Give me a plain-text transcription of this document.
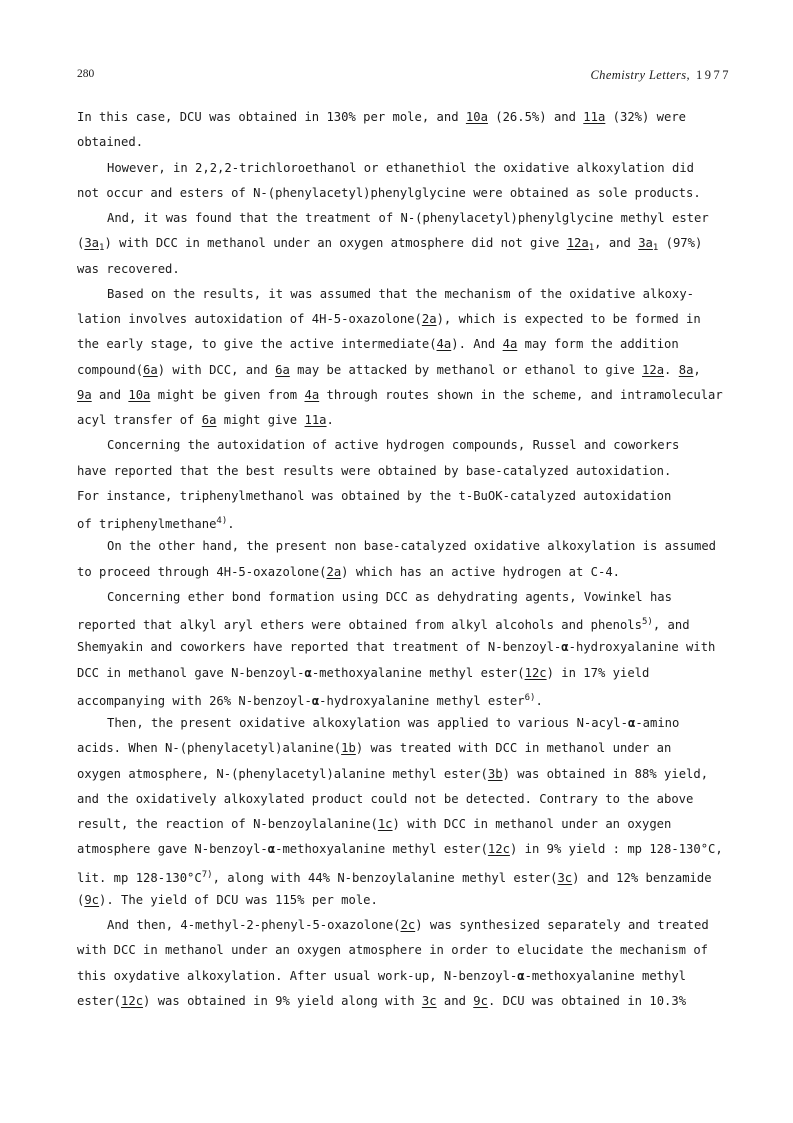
280	Chemistry Letters, 1977
In this case, DCU was obtained in 130% per mole, and 10a (26.5%) and 11a (32%) were
obtained.
However, in 2,2,2-trichloroethanol or ethanethiol the oxidative alkoxylation did
not occur and esters of N-(phenylacetyl)phenylglycine were obtained as sole products.
And, it was found that the treatment of N-(phenylacetyl)phenylglycine methyl ester
$(3a_1)$ with DCC in methanol under an oxygen atmosphere did not give $12a_1$, and $3a_1$ (97%)
was recovered.
Based on the results, it was assumed that the mechanism of the oxidative alkoxy-
lation involves autoxidation of 4H-5-oxazolone(2a), which is expected to be formed in
the early stage, to give the active intermediate(4a). And 4a may form the addition
compound(6a) with DCC, and 6a may be attacked by methanol or ethanol to give 12a. 8a,
9a and 10a might be given from 4a through routes shown in the scheme, and intramolecular
acyl transfer of 6a might give 11a.
Concerning the autoxidation of active hydrogen compounds, Russel and coworkers
have reported that the best results were obtained by base-catalyzed autoxidation.
For instance, triphenylmethanol was obtained by the t-BuOK-catalyzed autoxidation
of triphenylmethane$^{4)}$.
On the other hand, the present non base-catalyzed oxidative alkoxylation is assumed
to proceed through 4H-5-oxazolone(2a) which has an active hydrogen at C-4.
Concerning ether bond formation using DCC as dehydrating agents, Vowinkel has
reported that alkyl aryl ethers were obtained from alkyl alcohols and phenols$^{5)}$, and
Shemyakin and coworkers have reported that treatment of N-benzoyl-α-hydroxyalanine with
DCC in methanol gave N-benzoyl-α-methoxyalanine methyl ester(12c) in 17% yield
accompanying with 26% N-benzoyl-α-hydroxyalanine methyl ester$^{6)}$.
Then, the present oxidative alkoxylation was applied to various N-acyl-α-amino
acids. When N-(phenylacetyl)alanine(1b) was treated with DCC in methanol under an
oxygen atmosphere, N-(phenylacetyl)alanine methyl ester(3b) was obtained in 88% yield,
and the oxidatively alkoxylated product could not be detected. Contrary to the above
result, the reaction of N-benzoylalanine(1c) with DCC in methanol under an oxygen
atmosphere gave N-benzoyl-α-methoxyalanine methyl ester(12c) in 9% yield : mp 128-130°C,
lit. mp $128-130^\circ C^{7)}$, along with 44% N-benzoylalanine methyl ester(3c) and 12% benzamide
(9c). The yield of DCU was 115% per mole.
And then, 4-methyl-2-phenyl-5-oxazolone(2c) was synthesized separately and treated
with DCC in methanol under an oxygen atmosphere in order to elucidate the mechanism of
this oxydative alkoxylation. After usual work-up, N-benzoyl-α-methoxyalanine methyl
ester(12c) was obtained in 9% yield along with 3c and 9c. DCU was obtained in 10.3%
